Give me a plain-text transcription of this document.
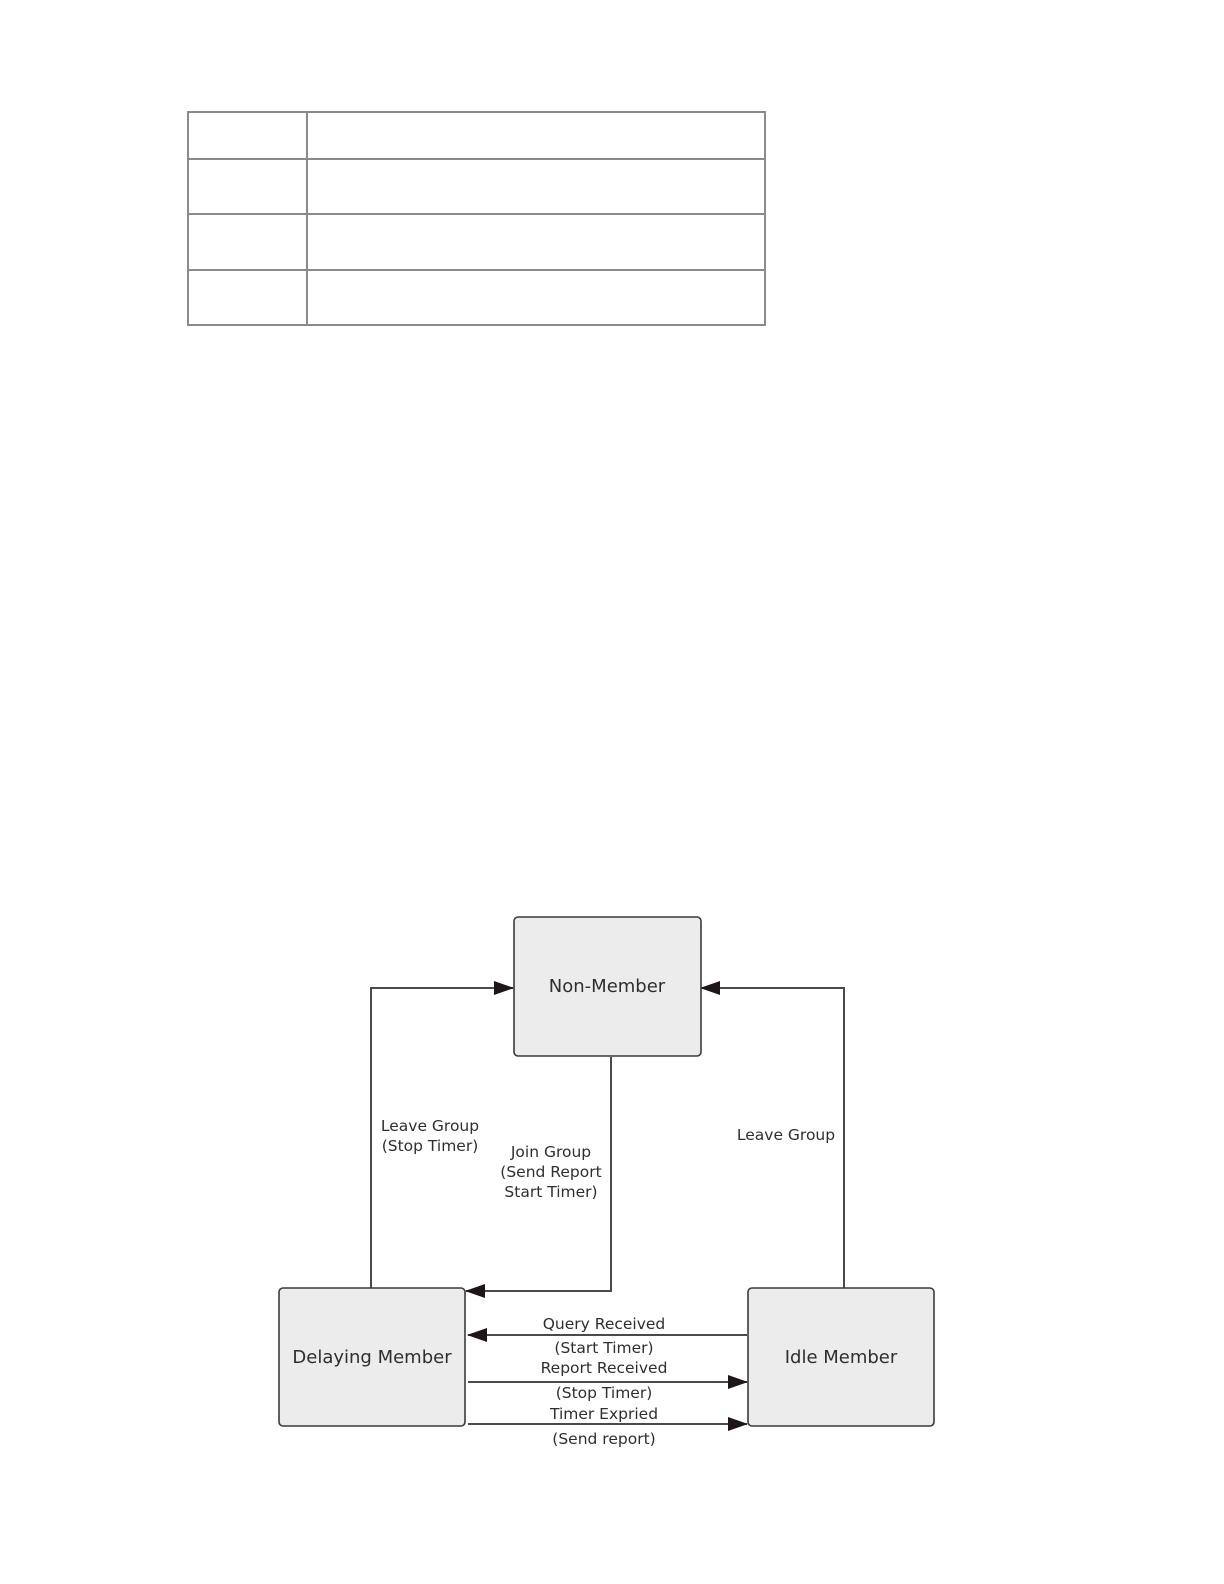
Non-Member
Delaying Member	Idle Member
Leave Group
(Stop Timer) Join Group
(Send Report
Start Timer)
Leave Group
Query Received
(Start Timer)
Report Received
(Stop Timer)
Timer Expried
(Send report)
